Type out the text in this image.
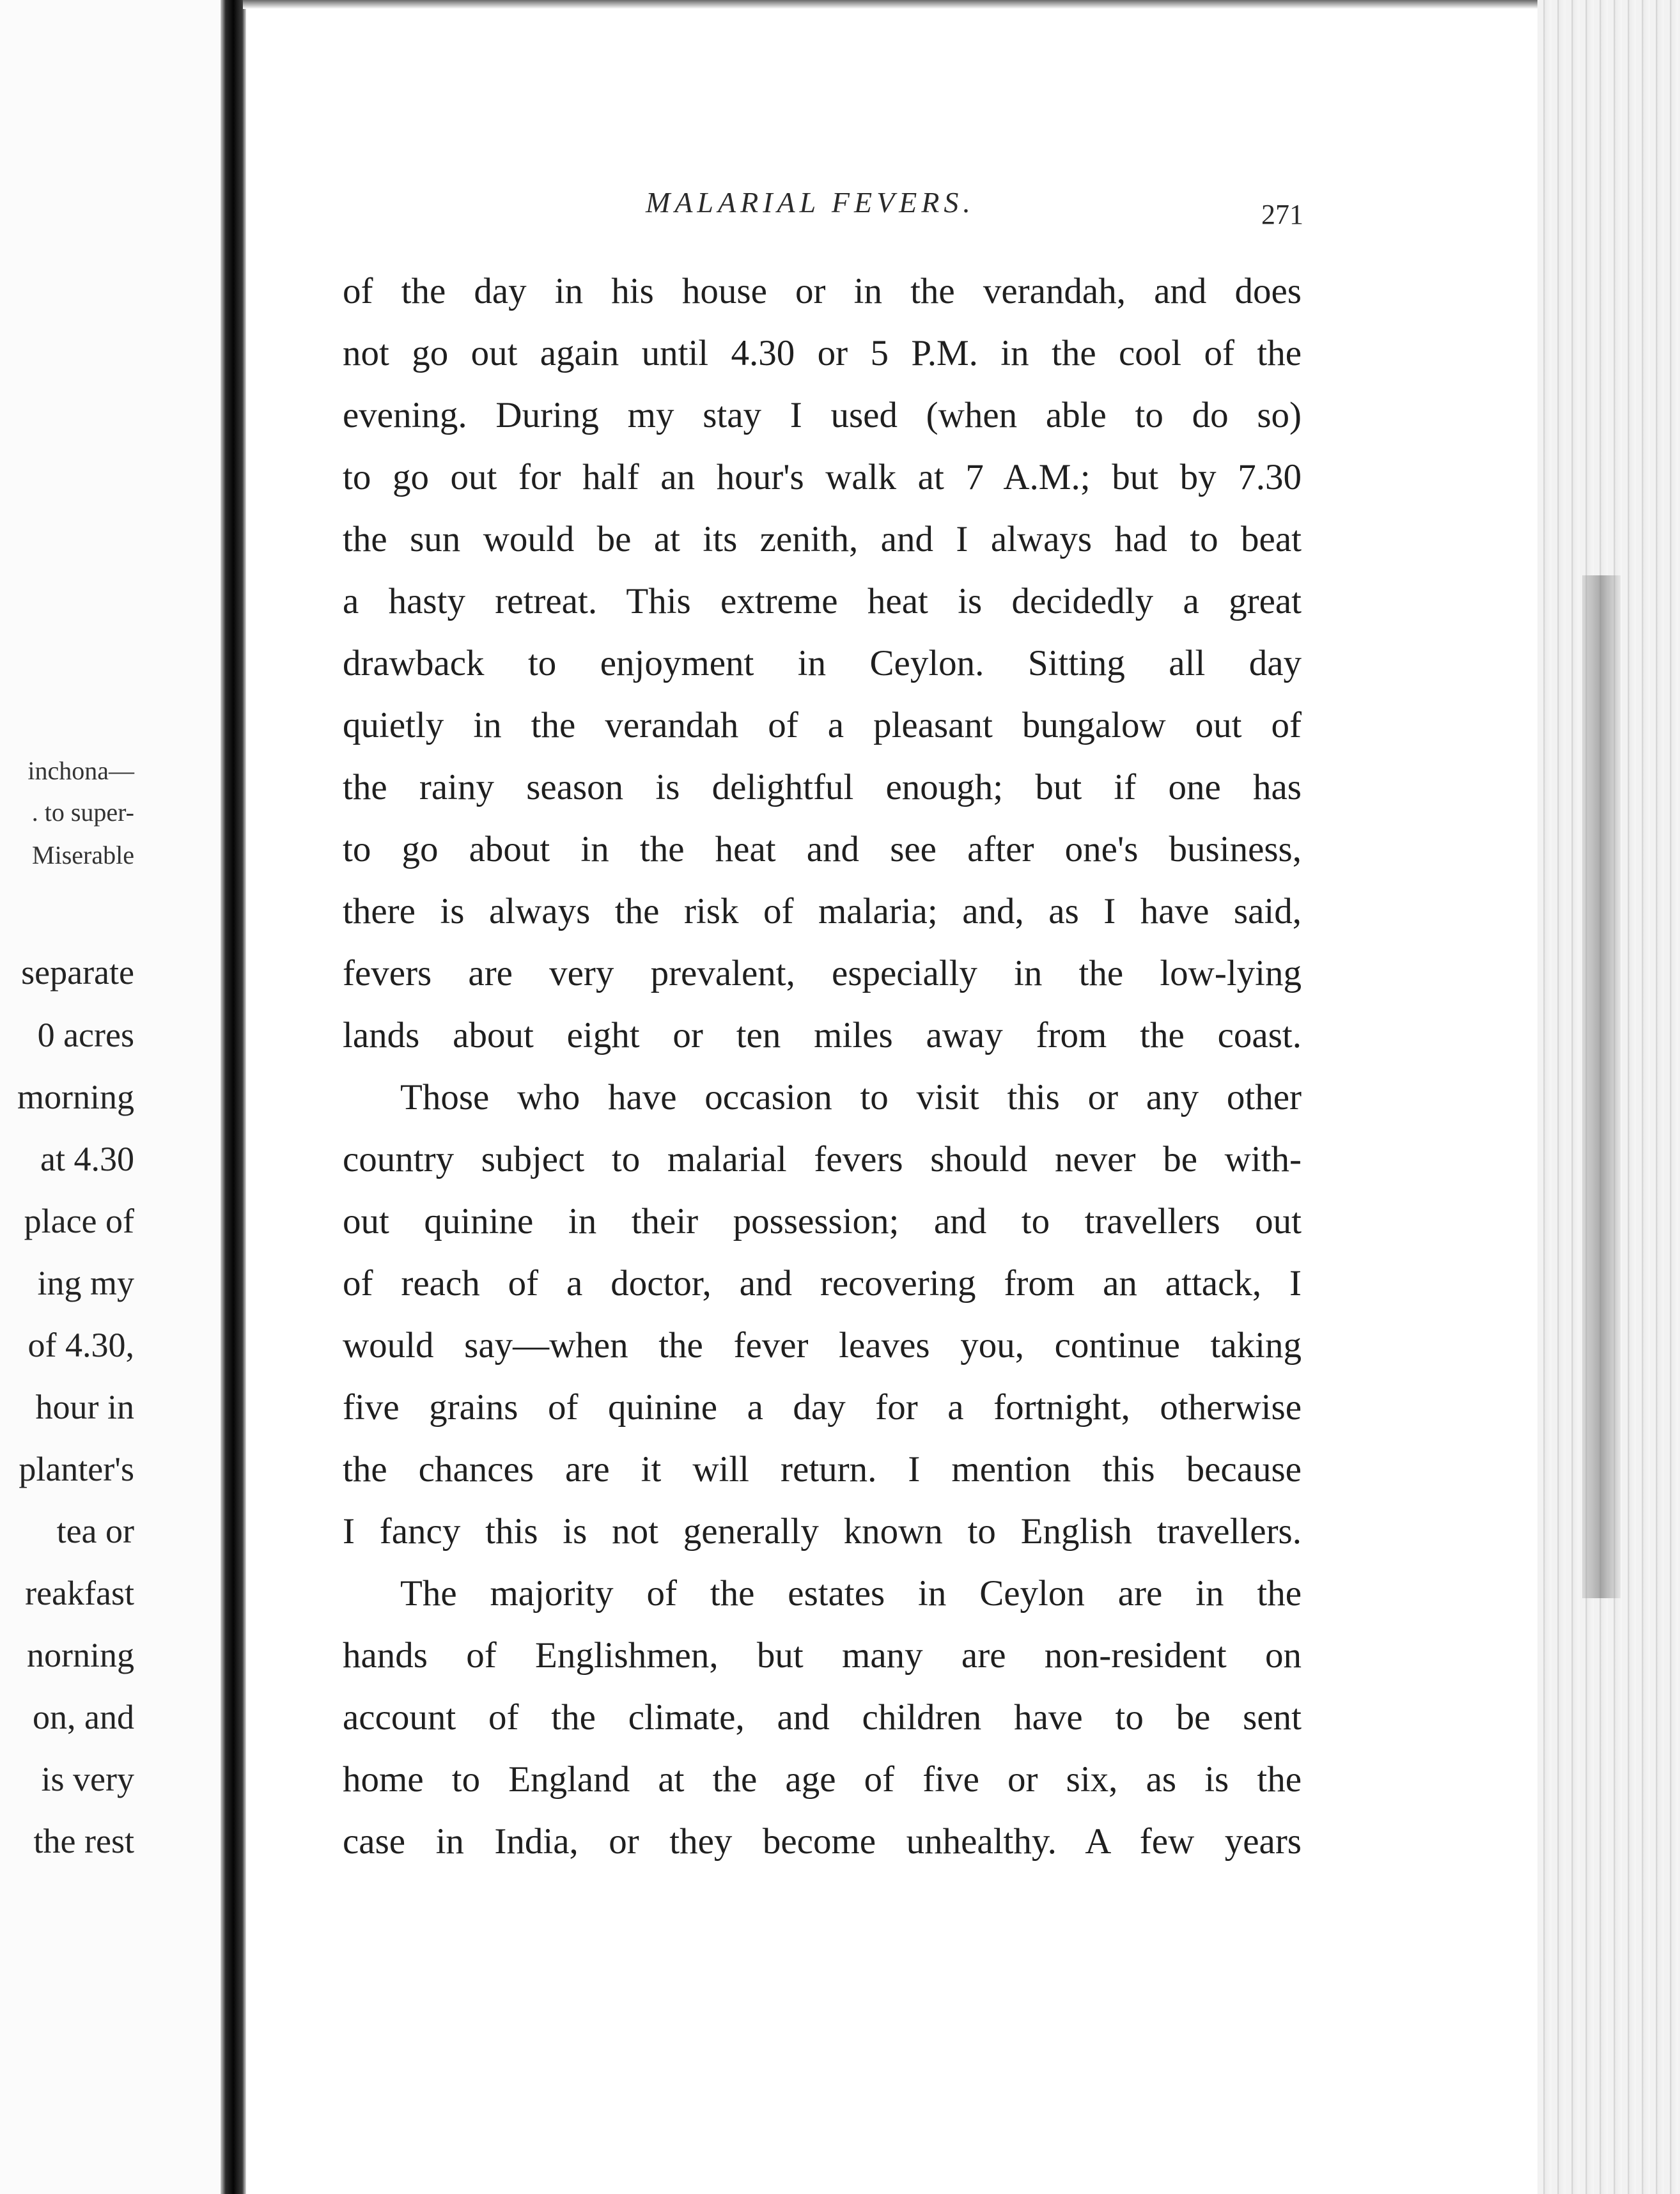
inchona—

. to super-

Miserable

separate

0 acres

morning

at 4.30

place of

ing my

of 4.30,

hour in

planter's

tea or

reakfast

norning

on, and

is very

the rest

MALARIAL FEVERS.	271

of the day in his house or in the verandah, and does

not go out again until 4.30 or 5 P.M. in the cool of the

evening. During my stay I used (when able to do so)

to go out for half an hour's walk at 7 A.M.; but by 7.30

the sun would be at its zenith, and I always had to beat

a hasty retreat. This extreme heat is decidedly a great

drawback to enjoyment in Ceylon. Sitting all day

quietly in the verandah of a pleasant bungalow out of

the rainy season is delightful enough; but if one has

to go about in the heat and see after one's business,

there is always the risk of malaria; and, as I have said,

fevers are very prevalent, especially in the low-lying

lands about eight or ten miles away from the coast.

Those who have occasion to visit this or any other

country subject to malarial fevers should never be with-

out quinine in their possession; and to travellers out

of reach of a doctor, and recovering from an attack, I

would say—when the fever leaves you, continue taking

five grains of quinine a day for a fortnight, otherwise

the chances are it will return. I mention this because

I fancy this is not generally known to English travellers.

The majority of the estates in Ceylon are in the

hands of Englishmen, but many are non-resident on

account of the climate, and children have to be sent

home to England at the age of five or six, as is the

case in India, or they become unhealthy. A few years
